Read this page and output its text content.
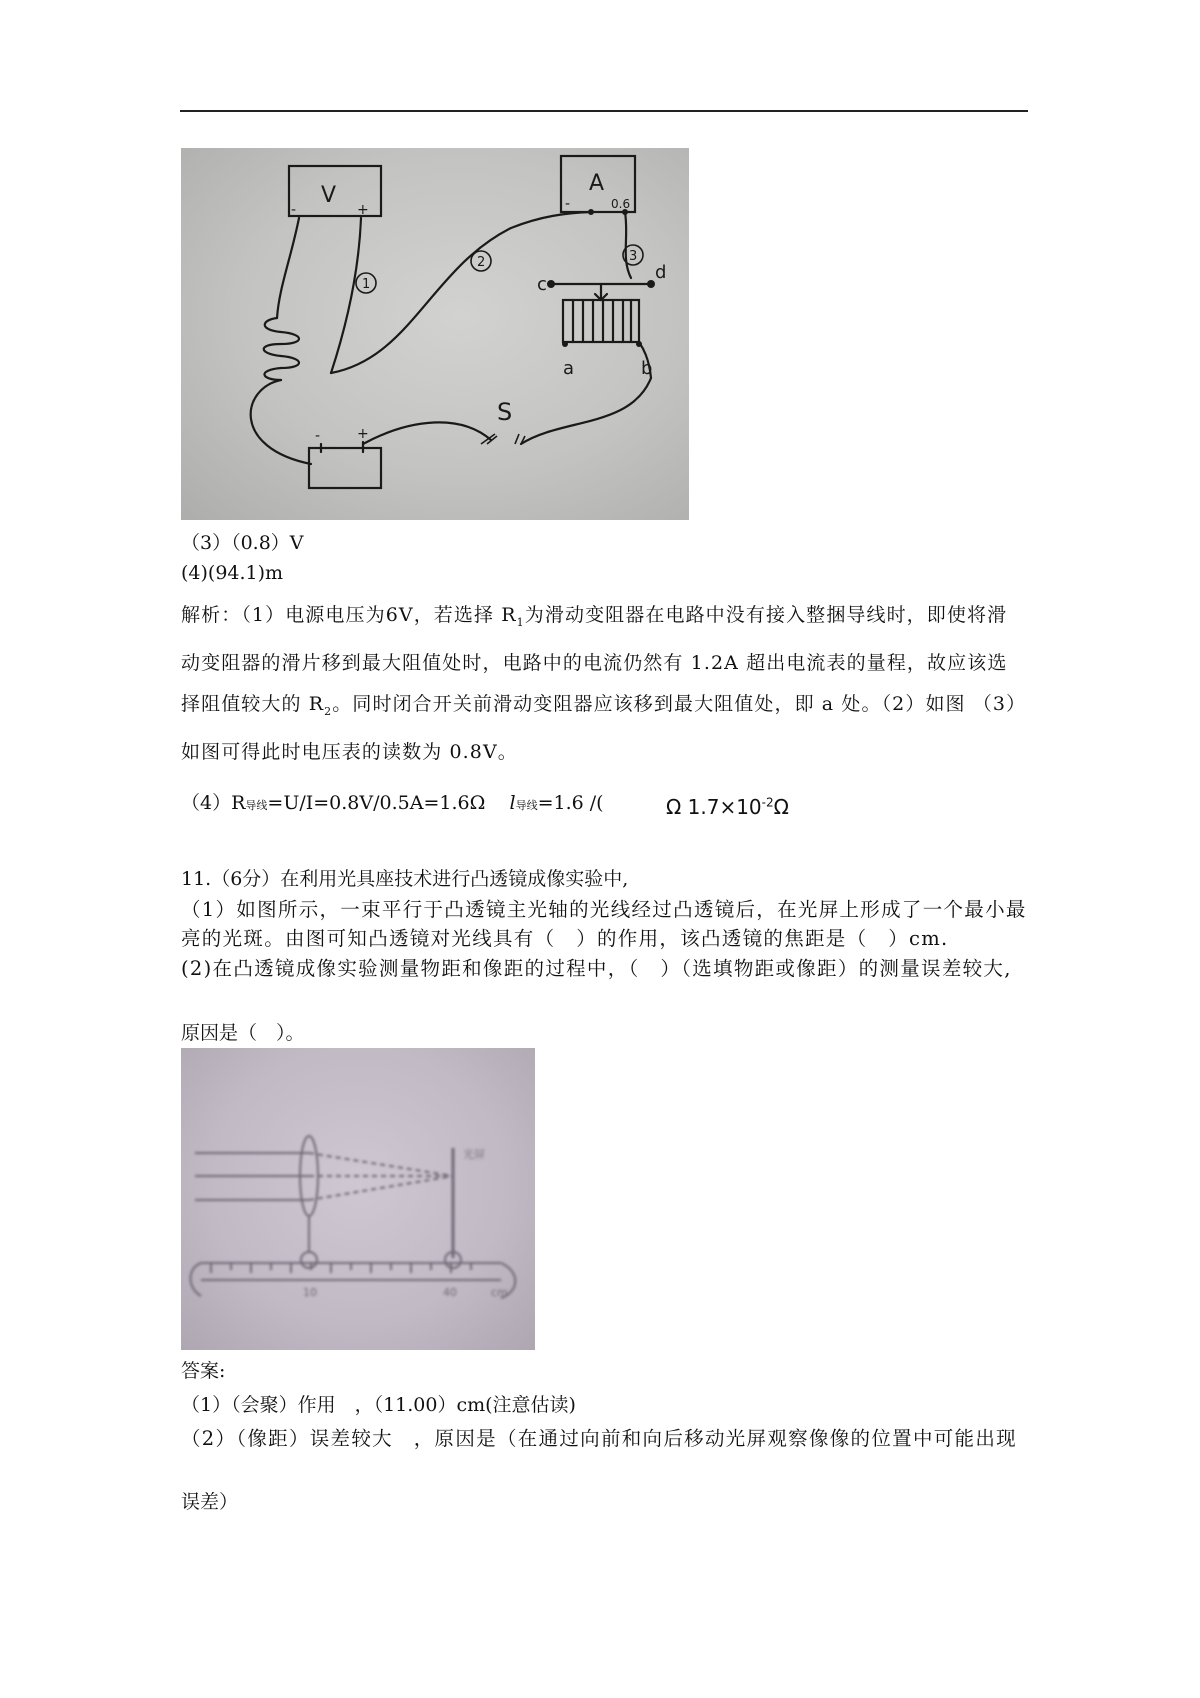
V	A
-	+	-	0.6
1
2	3
c
d
a	b
S
-	+
（3）（0.8）V
(4)(94.1)m
解析：（1）电源电压为6V，若选择 $R_1$为滑动变阻器在电路中没有接入整捆导线时，即使将滑动变阻器的滑片移到最大阻值处时，电路中的电流仍然有 1.2A 超出电流表的量程，故应该选择阻值较大的 $R_2$。同时闭合开关前滑动变阻器应该移到最大阻值处，即 a 处。（2）如图 （3）如图可得此时电压表的读数为 0.8V。
（4）R导线=U/I=0.8V/0.5A=1.6Ω l导线=1.6 /(	Ω $1.7\times 10^{-2}\Omega$
11.（6分）在利用光具座技术进行凸透镜成像实验中,
（1）如图所示，一束平行于凸透镜主光轴的光线经过凸透镜后，在光屏上形成了一个最小最亮的光斑。由图可知凸透镜对光线具有（　）的作用，该凸透镜的焦距是（　）cm.
(2)在凸透镜成像实验测量物距和像距的过程中，（　）（选填物距或像距）的测量误差较大,
原因是（　）。
光屏
10	40	cm
答案:
（1）（会聚）作用　，（11.00）cm(注意估读)
（2）（像距）误差较大　，原因是（在通过向前和向后移动光屏观察像像的位置中可能出现
误差）
